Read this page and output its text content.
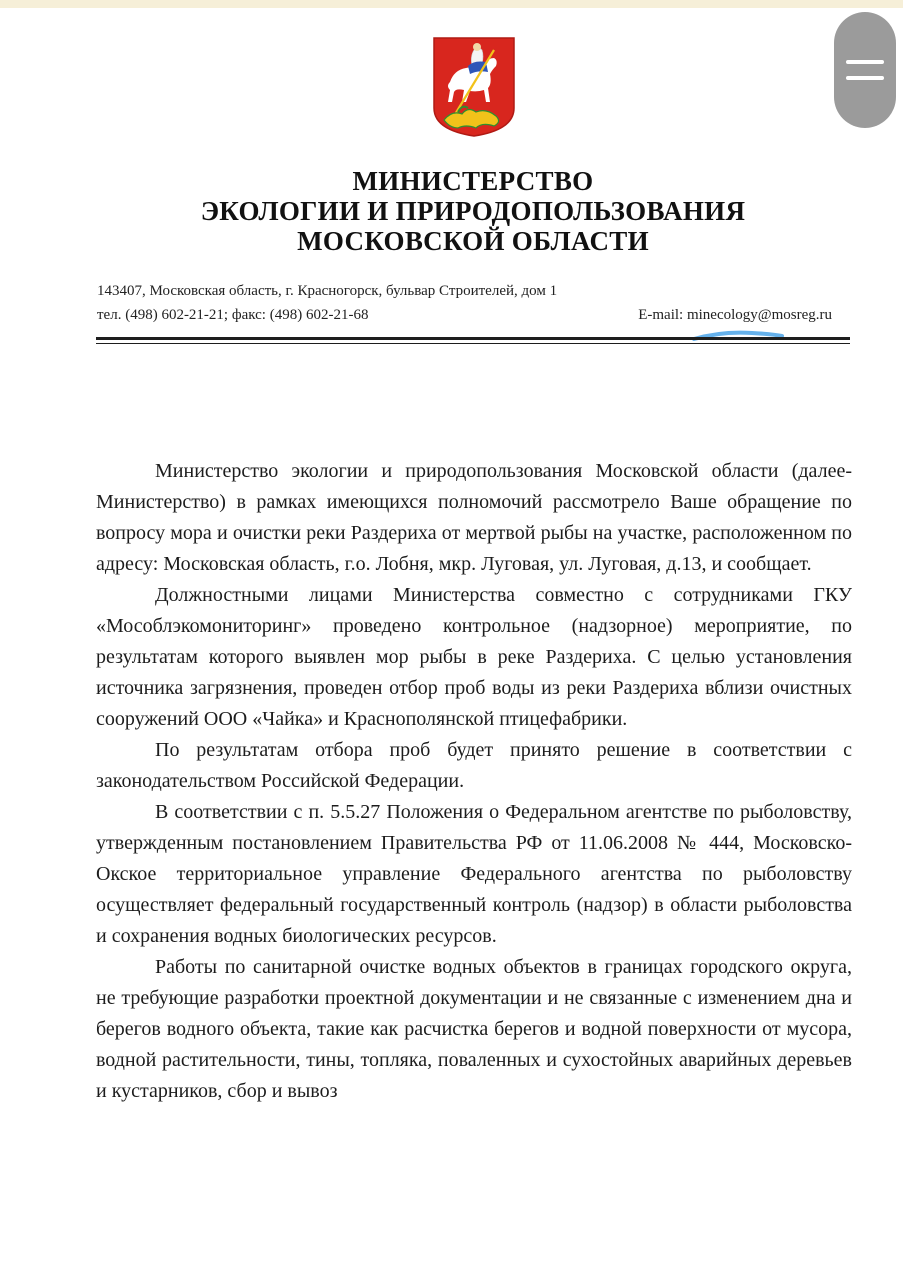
МИНИСТЕРСТВО
ЭКОЛОГИИ И ПРИРОДОПОЛЬЗОВАНИЯ
МОСКОВСКОЙ ОБЛАСТИ
143407, Московская область, г. Красногорск, бульвар Строителей, дом 1
тел. (498) 602-21-21; факс: (498) 602-21-68	E-mail: minecology@mosreg.ru

Министерство экологии и природопользования Московской области (далее-Министерство) в рамках имеющихся полномочий рассмотрело Ваше обращение по вопросу мора и очистки реки Раздериха от мертвой рыбы на участке, расположенном по адресу: Московская область, г.о. Лобня, мкр. Луговая, ул. Луговая, д.13, и сообщает.

Должностными лицами Министерства совместно с сотрудниками ГКУ «Мособлэкомониторинг» проведено контрольное (надзорное) мероприятие, по результатам которого выявлен мор рыбы в реке Раздериха. С целью установления источника загрязнения, проведен отбор проб воды из реки Раздериха вблизи очистных сооружений ООО «Чайка» и Краснополянской птицефабрики.

По результатам отбора проб будет принято решение в соответствии с законодательством Российской Федерации.

В соответствии с п. 5.5.27 Положения о Федеральном агентстве по рыболовству, утвержденным постановлением Правительства РФ от 11.06.2008 № 444, Московско-Окское территориальное управление Федерального агентства по рыболовству осуществляет федеральный государственный контроль (надзор) в области рыболовства и сохранения водных биологических ресурсов.

Работы по санитарной очистке водных объектов в границах городского округа, не требующие разработки проектной документации и не связанные с изменением дна и берегов водного объекта, такие как расчистка берегов и водной поверхности от мусора, водной растительности, тины, топляка, поваленных и сухостойных аварийных деревьев и кустарников, сбор и вывоз
